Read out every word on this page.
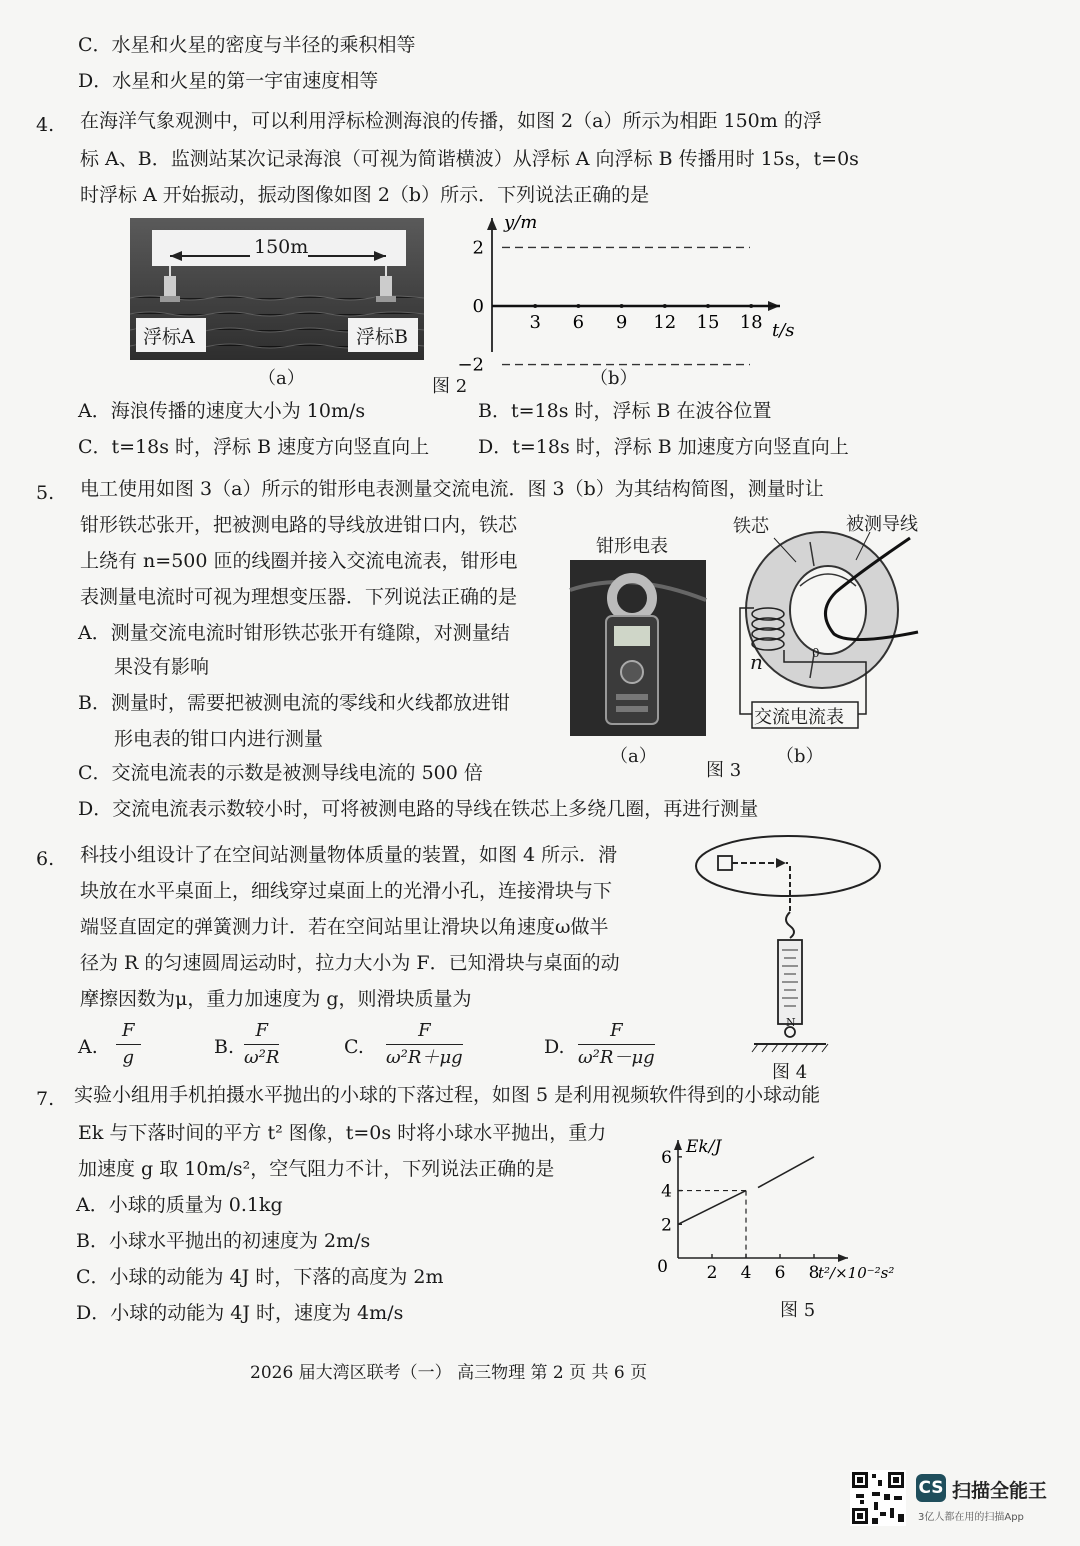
C．水星和火星的密度与半径的乘积相等
D．水星和火星的第一宇宙速度相等
4. 在海洋气象观测中，可以利用浮标检测海浪的传播，如图 2（a）所示为相距 150m 的浮
标 A、B．监测站某次记录海浪（可视为简谐横波）从浮标 A 向浮标 B 传播用时 15s，t=0s
时浮标 A 开始振动，振动图像如图 2（b）所示．下列说法正确的是
150m
浮标A	浮标B
（a）	图 2	（b）
y/m
t/s
2
0
−2
3 6 9 12 15 18
A．海浪传播的速度大小为 10m/s	B．t=18s 时，浮标 B 在波谷位置
C．t=18s 时，浮标 B 速度方向竖直向上	D．t=18s 时，浮标 B 加速度方向竖直向上
5. 电工使用如图 3（a）所示的钳形电表测量交流电流．图 3（b）为其结构简图，测量时让
钳形铁芯张开，把被测电路的导线放进钳口内，铁芯
上绕有 n=500 匝的线圈并接入交流电流表，钳形电
表测量电流时可视为理想变压器．下列说法正确的是
A．测量交流电流时钳形铁芯张开有缝隙，对测量结
果没有影响
B．测量时，需要把被测电流的零线和火线都放进钳
形电表的钳口内进行测量
C．交流电流表的示数是被测导线电流的 500 倍
D．交流电流表示数较小时，可将被测电路的导线在铁芯上多绕几圈，再进行测量
钳形电表
（a）
铁芯	被测导线
n	0
交流电流表
图 3
（b）
6. 科技小组设计了在空间站测量物体质量的装置，如图 4 所示．滑
块放在水平桌面上，细线穿过桌面上的光滑小孔，连接滑块与下
端竖直固定的弹簧测力计．若在空间站里让滑块以角速度ω做半
径为 R 的匀速圆周运动时，拉力大小为 F．已知滑块与桌面的动
摩擦因数为μ，重力加速度为 g，则滑块质量为
A. $\frac{F}{g}$	B. $\frac{F}{\text{ω²R}}$	C. $\frac{F}{\text{ω²R＋μg}}$	D. $\frac{F}{\text{ω²R－μg}}$	N
图 4
7. 实验小组用手机拍摄水平抛出的小球的下落过程，如图 5 是利用视频软件得到的小球动能
Ek 与下落时间的平方 t² 图像，t=0s 时将小球水平抛出，重力
加速度 g 取 10m/s²，空气阻力不计，下列说法正确的是
A．小球的质量为 0.1kg
B．小球水平抛出的初速度为 2m/s
C．小球的动能为 4J 时，下落的高度为 2m
D．小球的动能为 4J 时，速度为 4m/s
Ek/J
t²/×10⁻²s²
0
2
4
6
2 4 6 8
图 5
2026 届大湾区联考（一） 高三物理 第 2 页 共 6 页
CS 扫描全能王
3亿人都在用的扫描App
